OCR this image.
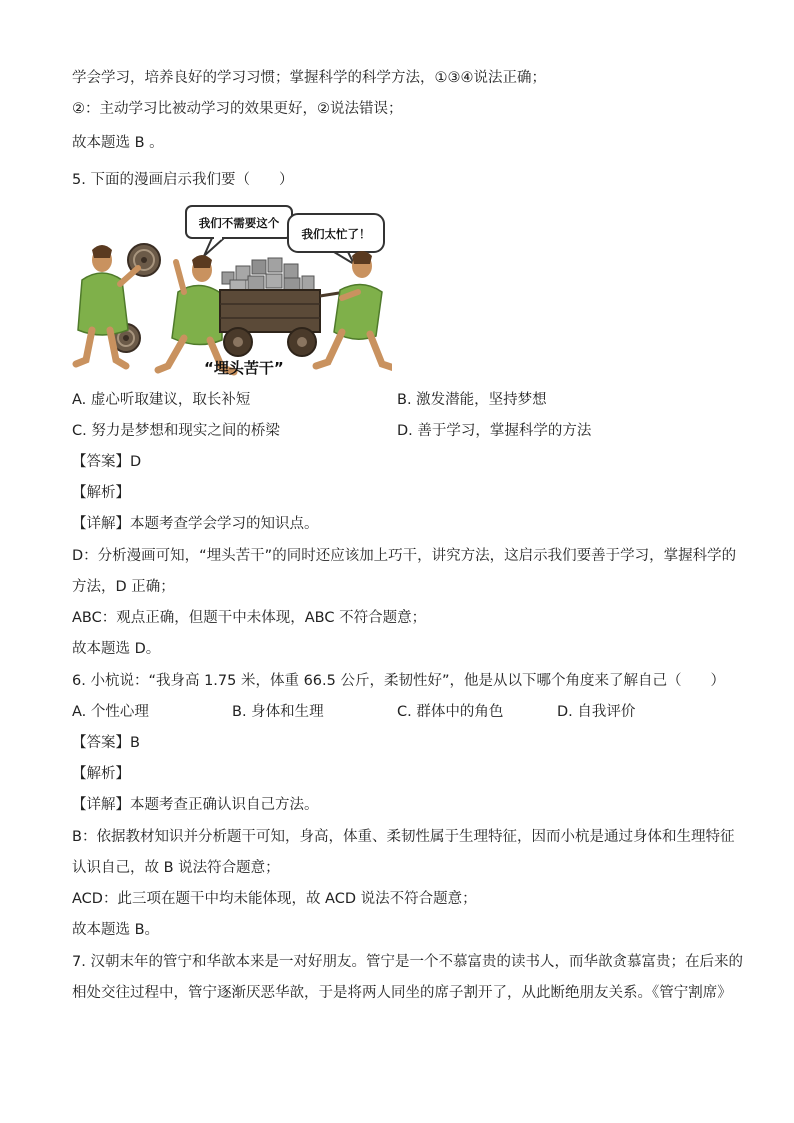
学会学习，培养良好的学习习惯；掌握科学的科学方法，①③④说法正确；
②：主动学习比被动学习的效果更好，②说法错误；
故本题选 B 。
5. 下面的漫画启示我们要（　　）
我们不需要这个
我们太忙了！
“埋头苦干”
A. 虚心听取建议，取长补短	B. 激发潜能，坚持梦想
C. 努力是梦想和现实之间的桥梁	D. 善于学习，掌握科学的方法
【答案】D
【解析】
【详解】本题考查学会学习的知识点。
D：分析漫画可知，“埋头苦干”的同时还应该加上巧干，讲究方法，这启示我们要善于学习，掌握科学的
方法，D 正确；
ABC：观点正确，但题干中未体现，ABC 不符合题意；
故本题选 D。
6. 小杭说：“我身高 1.75 米，体重 66.5 公斤，柔韧性好”，他是从以下哪个角度来了解自己（　　）
A. 个性心理	B. 身体和生理	C. 群体中的角色	D. 自我评价
【答案】B
【解析】
【详解】本题考查正确认识自己方法。
B：依据教材知识并分析题干可知，身高，体重、柔韧性属于生理特征，因而小杭是通过身体和生理特征
认识自己，故 B 说法符合题意；
ACD：此三项在题干中均未能体现，故 ACD 说法不符合题意；
故本题选 B。
7. 汉朝末年的管宁和华歆本来是一对好朋友。管宁是一个不慕富贵的读书人，而华歆贪慕富贵；在后来的
相处交往过程中，管宁逐渐厌恶华歆，于是将两人同坐的席子割开了，从此断绝朋友关系。《管宁割席》
